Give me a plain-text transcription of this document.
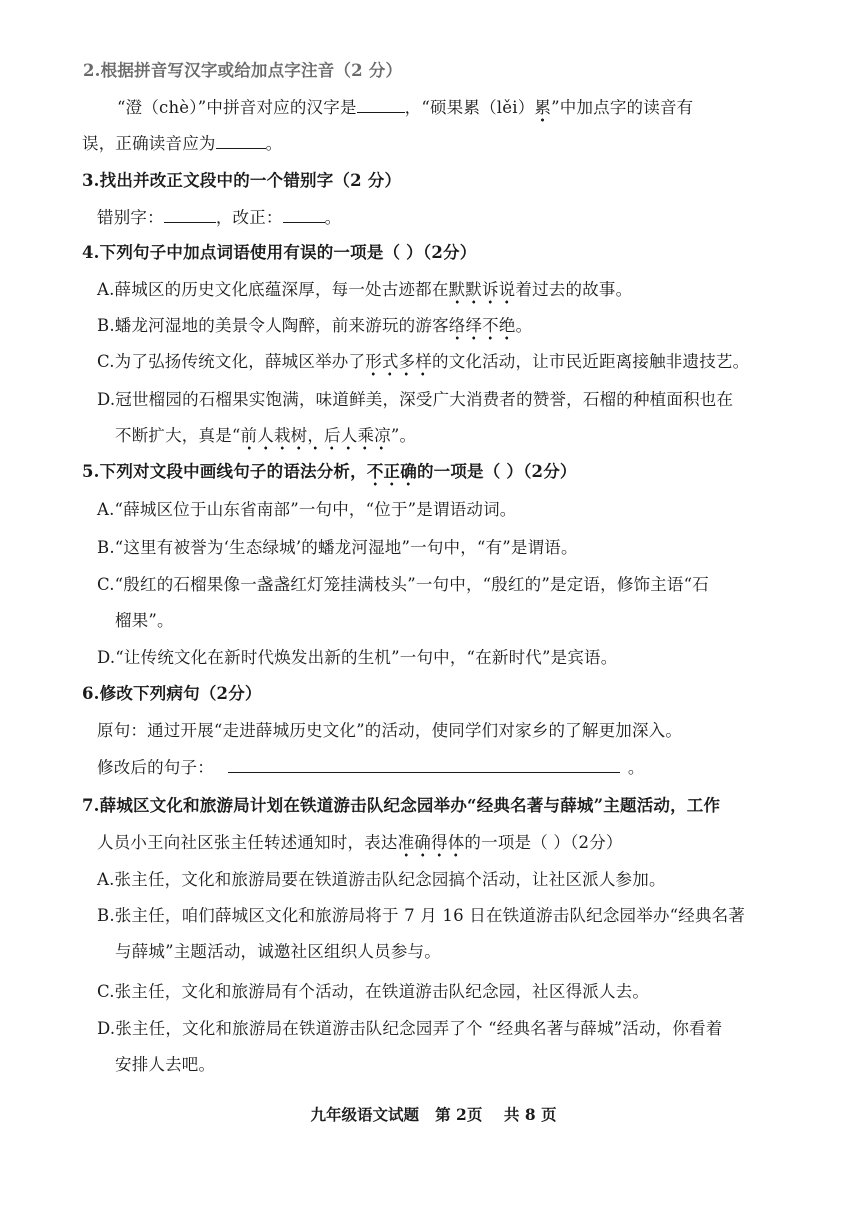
2.根据拼音写汉字或给加点字注音（2 分）
“澄（chè）”中拼音对应的汉字是	，“硕果累（lěi）累”中加点字的读音有
误，正确读音应为	。
3.找出并改正文段中的一个错别字（2 分）
错别字：	，改正：	。
4.下列句子中加点词语使用有误的一项是（ ）（2分）
A.薛城区的历史文化底蕴深厚，每一处古迹都在默默诉说着过去的故事。
B.蟠龙河湿地的美景令人陶醉，前来游玩的游客络绎不绝。
C.为了弘扬传统文化，薛城区举办了形式多样的文化活动，让市民近距离接触非遗技艺。
D.冠世榴园的石榴果实饱满，味道鲜美，深受广大消费者的赞誉，石榴的种植面积也在
不断扩大，真是“前人栽树，后人乘凉”。
5.下列对文段中画线句子的语法分析，不正确的一项是（ ）（2分）
A.“薛城区位于山东省南部”一句中，“位于”是谓语动词。
B.“这里有被誉为‘生态绿城’的蟠龙河湿地”一句中，“有”是谓语。
C.“殷红的石榴果像一盏盏红灯笼挂满枝头”一句中，“殷红的”是定语，修饰主语“石
榴果”。
D.“让传统文化在新时代焕发出新的生机”一句中，“在新时代”是宾语。
6.修改下列病句（2分）
原句：通过开展“走进薛城历史文化”的活动，使同学们对家乡的了解更加深入。
修改后的句子：	。
7.薛城区文化和旅游局计划在铁道游击队纪念园举办“经典名著与薛城”主题活动，工作
人员小王向社区张主任转述通知时，表达准确得体的一项是（ ）（2分）
A.张主任，文化和旅游局要在铁道游击队纪念园搞个活动，让社区派人参加。
B.张主任，咱们薛城区文化和旅游局将于 7 月 16 日在铁道游击队纪念园举办“经典名著
与薛城”主题活动，诚邀社区组织人员参与。
C.张主任，文化和旅游局有个活动，在铁道游击队纪念园，社区得派人去。
D.张主任，文化和旅游局在铁道游击队纪念园弄了个 “经典名著与薛城”活动，你看着
安排人去吧。
九年级语文试题   第 2页    共 8 页
